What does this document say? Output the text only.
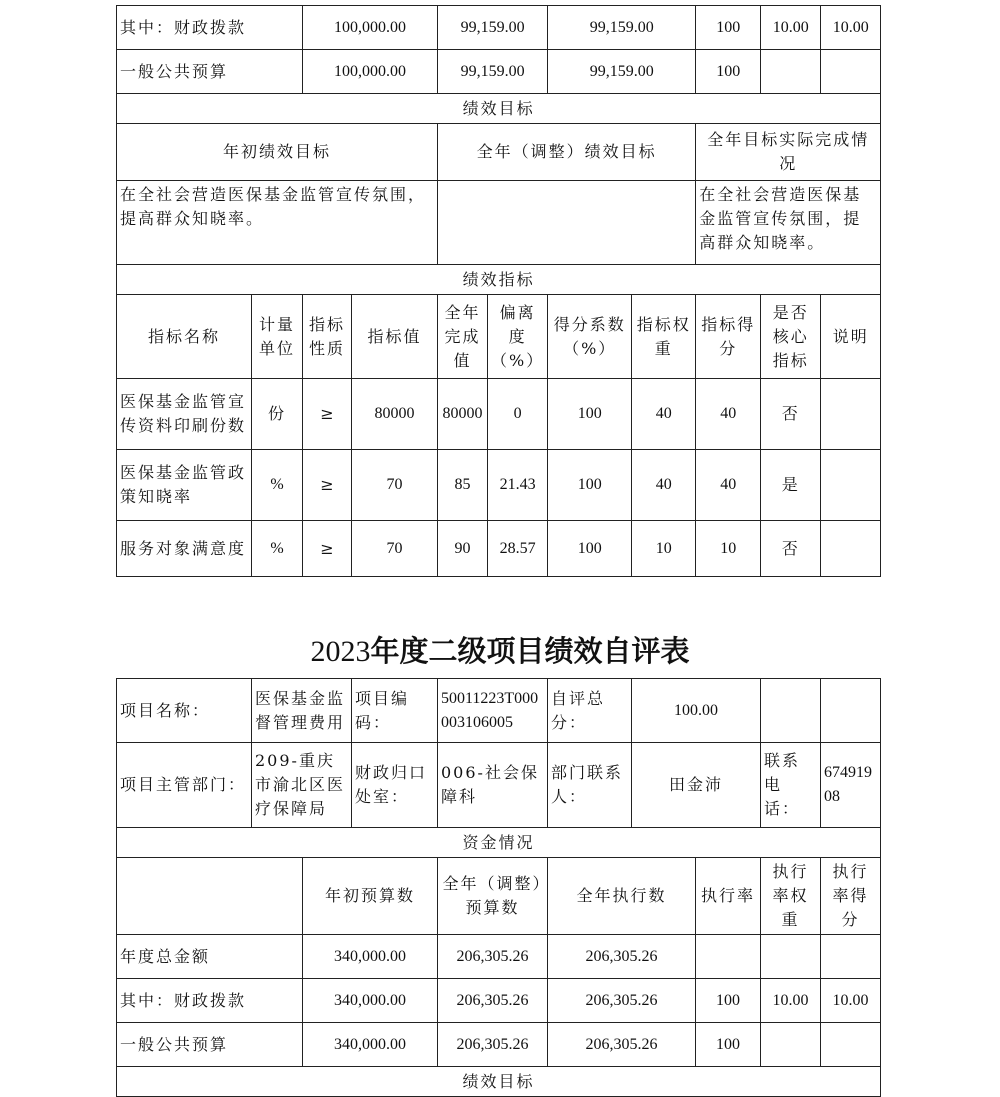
其中：财政拨款		100,000.00		99,159.00		99,159.00		100	10.00	10.00
一般公共预算		100,000.00		99,159.00		99,159.00		100		
绩效目标										
年初绩效目标				全年（调整）绩效目标				全年目标实际完成情况		
在全社会营造医保基金监管宣传氛围，提高群众知晓率。								在全社会营造医保基金监管宣传氛围，提高群众知晓率。		
绩效指标										
指标名称	计量单位	指标性质	指标值	全年完成值	偏离度（%）	得分系数（%）	指标权重	指标得分	是否核心指标	说明
医保基金监管宣传资料印刷份数	份	≥	80000	80000	0	100	40	40	否	
医保基金监管政策知晓率	%	≥	70	85	21.43	100	40	40	是	
服务对象满意度	%	≥	70	90	28.57	100	10	10	否	
2023年度二级项目绩效自评表
项目名称：	医保基金监督管理费用		项目编码：	50011223T000003106005	自评总分：	100.00			
项目主管部门：	209-重庆市渝北区医疗保障局		财政归口处室：	006-社会保障科	部门联系人：	田金沛		联系电话：	67491908
资金情况									
		年初预算数		全年（调整）预算数	全年执行数		执行率	执行率权重	执行率得分
年度总金额		340,000.00		206,305.26	206,305.26				
其中：财政拨款		340,000.00		206,305.26	206,305.26		100	10.00	10.00
一般公共预算		340,000.00		206,305.26	206,305.26		100		
绩效目标									
